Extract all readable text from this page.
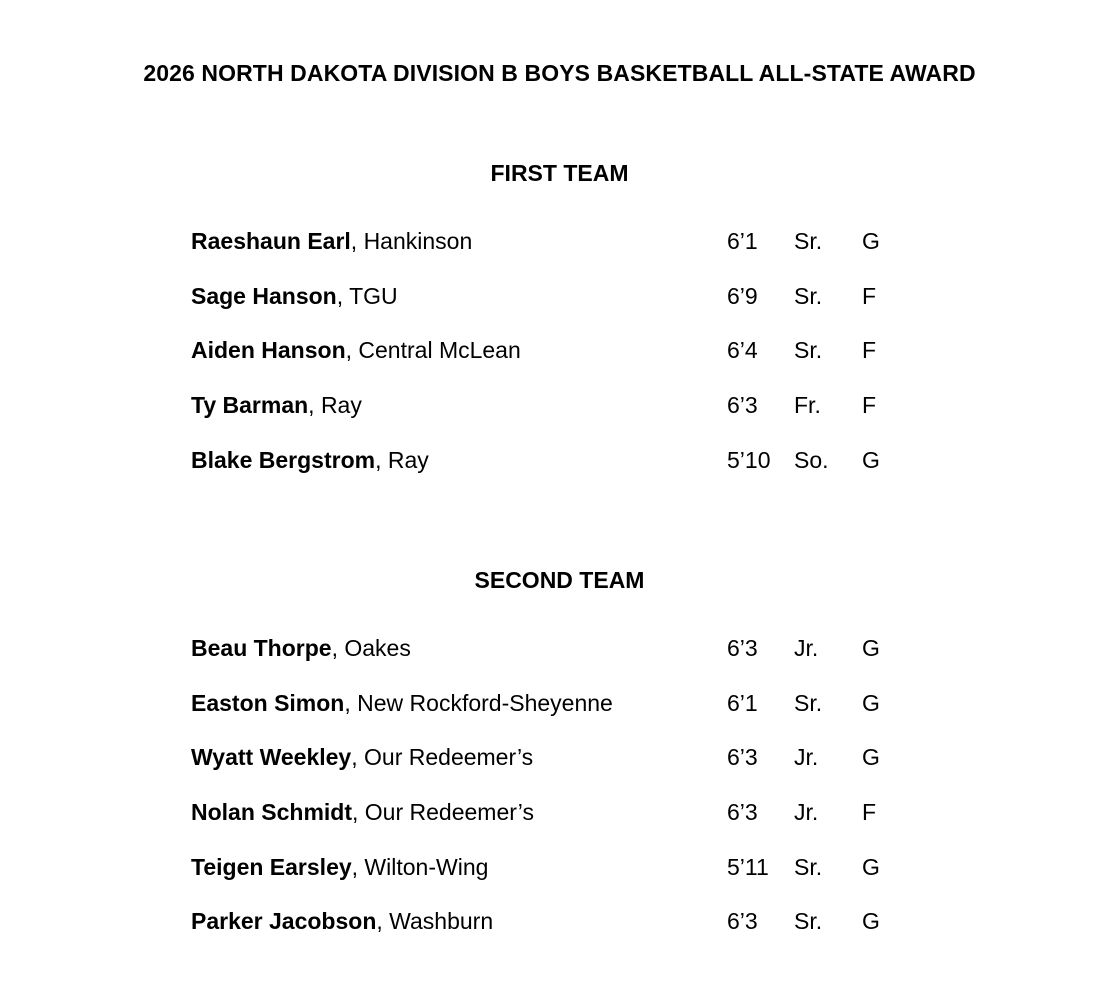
2026 NORTH DAKOTA DIVISION B BOYS BASKETBALL ALL-STATE AWARD
FIRST TEAM
Raeshaun Earl, Hankinson	6’1 Sr. G
Sage Hanson, TGU	6’9 Sr. F
Aiden Hanson, Central McLean	6’4 Sr. F
Ty Barman, Ray	6’3 Fr. F
Blake Bergstrom, Ray	5’10 So. G
SECOND TEAM
Beau Thorpe, Oakes	6’3 Jr. G
Easton Simon, New Rockford-Sheyenne	6’1 Sr. G
Wyatt Weekley, Our Redeemer’s	6’3 Jr. G
Nolan Schmidt, Our Redeemer’s	6’3 Jr. F
Teigen Earsley, Wilton-Wing	5’11 Sr. G
Parker Jacobson, Washburn	6’3 Sr. G
